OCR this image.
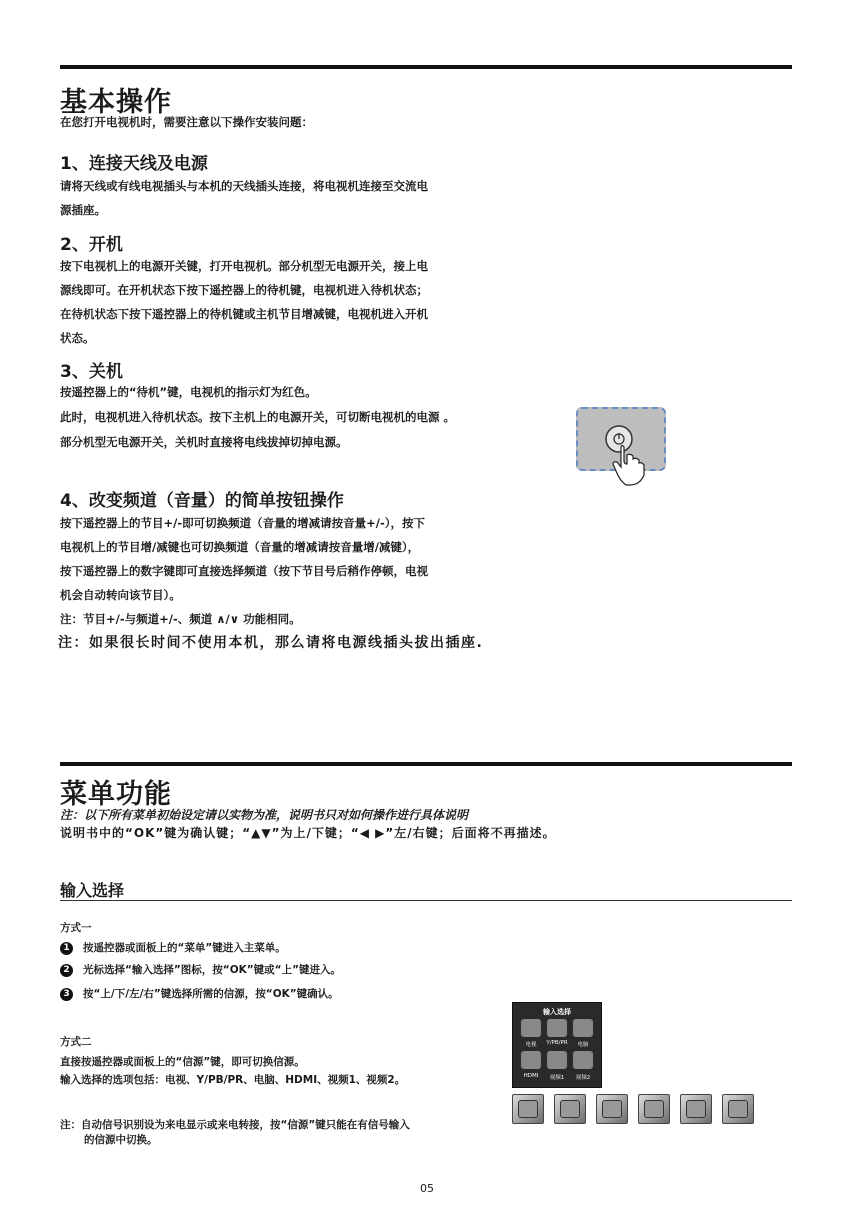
基本操作
在您打开电视机时，需要注意以下操作安装问题：
1、连接天线及电源
请将天线或有线电视插头与本机的天线插头连接，将电视机连接至交流电
源插座。
2、开机
按下电视机上的电源开关键，打开电视机。部分机型无电源开关，接上电
源线即可。在开机状态下按下遥控器上的待机键，电视机进入待机状态；
在待机状态下按下遥控器上的待机键或主机节目增减键，电视机进入开机
状态。
3、关机
按遥控器上的“待机”键，电视机的指示灯为红色。
此时，电视机进入待机状态。按下主机上的电源开关，可切断电视机的电源 。
部分机型无电源开关，关机时直接将电线拔掉切掉电源。
4、改变频道（音量）的简单按钮操作
按下遥控器上的节目+/-即可切换频道（音量的增减请按音量+/-），按下
电视机上的节目增/减键也可切换频道（音量的增减请按音量增/减键），
按下遥控器上的数字键即可直接选择频道（按下节目号后稍作停顿，电视
机会自动转向该节目）。
注：节目+/-与频道+/-、频道 ∧/∨ 功能相同。
注：如果很长时间不使用本机，那么请将电源线插头拔出插座.
菜单功能
注：以下所有菜单初始设定请以实物为准，说明书只对如何操作进行具体说明
说明书中的“OK”键为确认键；“▲▼”为上/下键；“◀ ▶”左/右键；后面将不再描述。
输入选择
方式一
1 按遥控器或面板上的“菜单”键进入主菜单。
2 光标选择“输入选择”图标，按“OK”键或“上”键进入。
3 按“上/下/左/右”键选择所需的信源，按“OK”键确认。
方式二
直接按遥控器或面板上的“信源”键，即可切换信源。
输入选择的选项包括：电视、Y/PB/PR、电脑、HDMI、视频1、视频2。
注：自动信号识别设为来电显示或来电转接，按“信源”键只能在有信号输入
的信源中切换。
输入选择
电视	Y/PB/PR	电脑
HDMI	视频1	视频2
05
